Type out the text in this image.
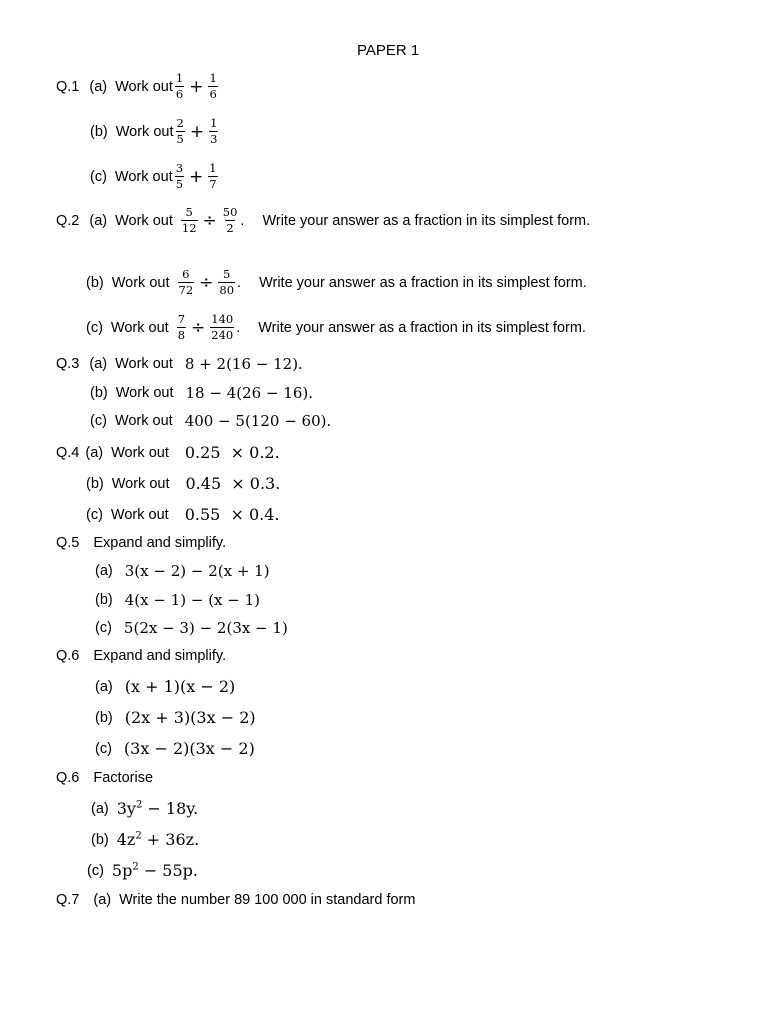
PAPER 1
Q.1 (a) Work out $\frac{1}{6} + \frac{1}{6}$
(b) Work out $\frac{2}{5} + \frac{1}{3}$
(c) Work out $\frac{3}{5} + \frac{1}{7}$
Q.2 (a) Work out $\frac{5}{12} \div \frac{50}{2}$ . Write your answer as a fraction in its simplest form.
(b) Work out $\frac{6}{72} \div \frac{5}{80}$ . Write your answer as a fraction in its simplest form.
(c) Work out $\frac{7}{8} \div \frac{140}{240}$ . Write your answer as a fraction in its simplest form.
Q.3 (a) Work out 8 + 2(16 − 12).
(b) Work out 18 − 4(26 − 16).
(c) Work out 400 − 5(120 − 60).
Q.4 (a) Work out 0.25  × 0.2.
(b) Work out 0.45  × 0.3.
(c) Work out 0.55  × 0.4.
Q.5 Expand and simplify.
(a) 3(x − 2) − 2(x + 1)
(b) 4(x − 1) − (x − 1)
(c) 5(2x − 3) − 2(3x − 1)
Q.6 Expand and simplify.
(a) (x + 1)(x − 2)
(b) (2x + 3)(3x − 2)
(c) (3x − 2)(3x − 2)
Q.6 Factorise
(a) $3y^2 - 18y$.
(b) $4z^2 + 36z$.
(c) $5p^2 - 55p$.
Q.7 (a) Write the number 89 100 000 in standard form
